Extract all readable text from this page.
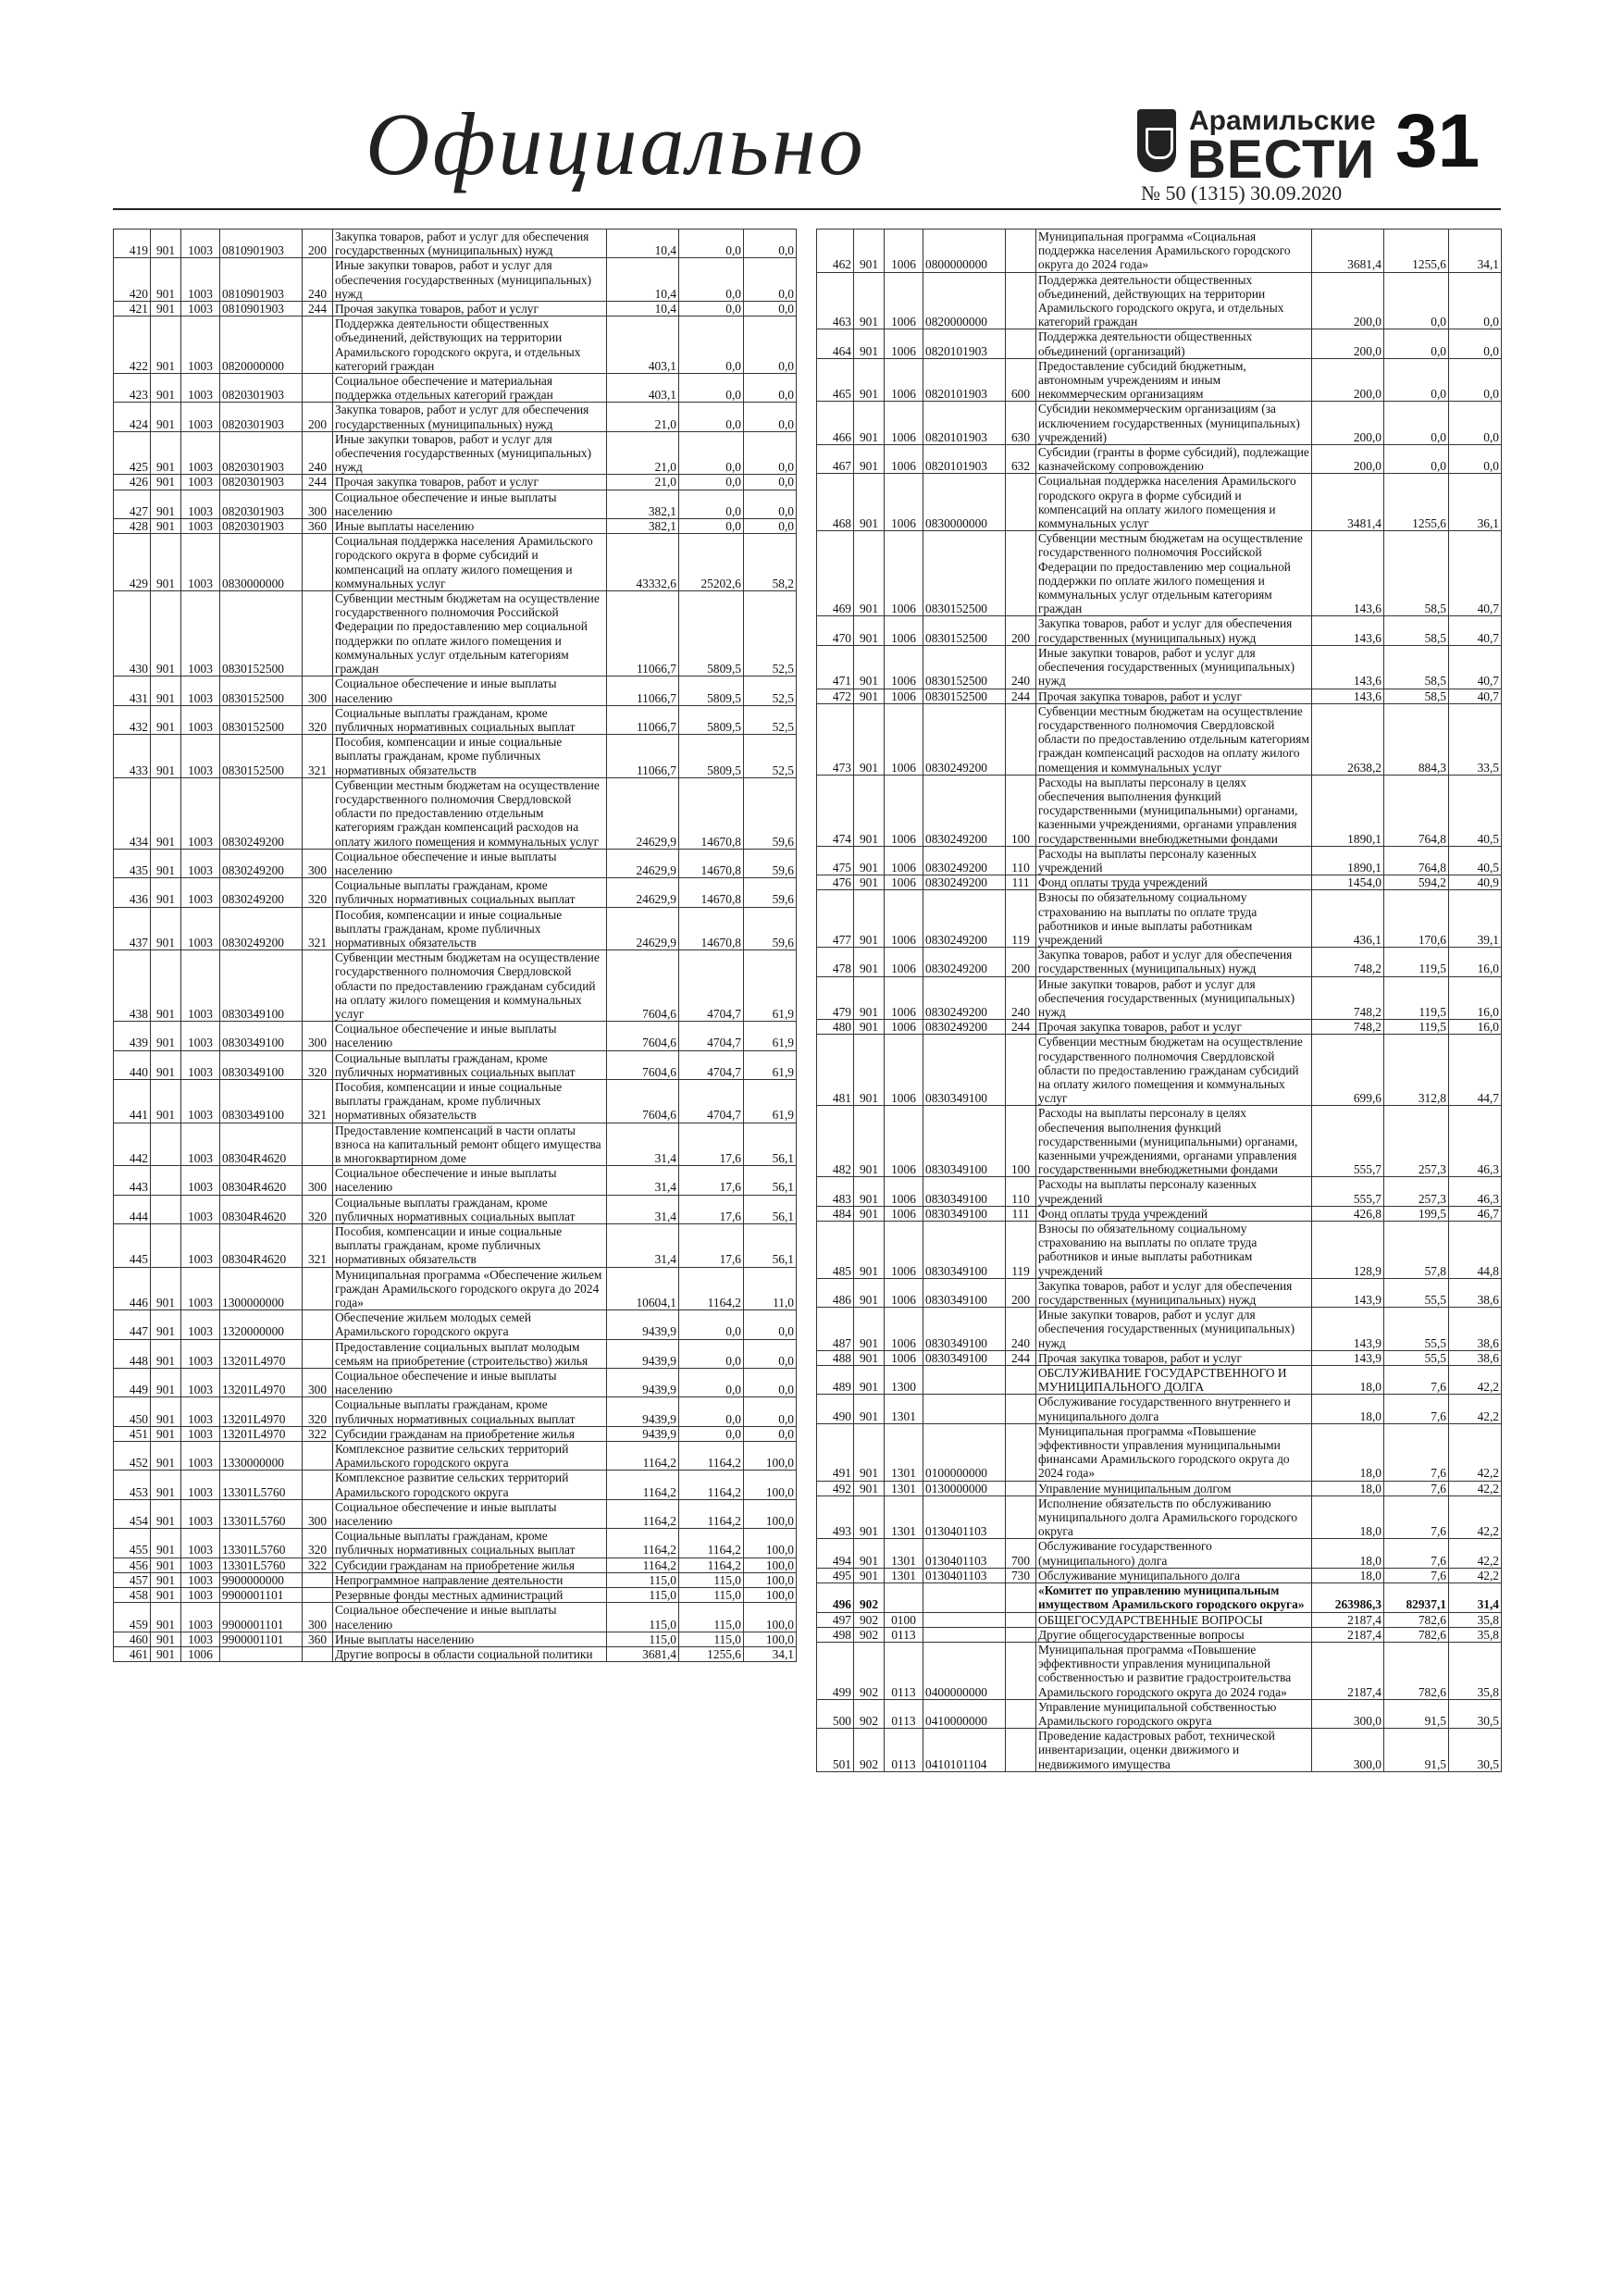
Официально	Арамильские
ВЕСТИ
№ 50 (1315) 30.09.2020
31
419	901	1003	0810901903	200	Закупка товаров, работ и услуг для обеспечения государственных (муниципальных) нужд	10,4	0,0	0,0
420	901	1003	0810901903	240	Иные закупки товаров, работ и услуг для обеспечения государственных (муниципальных) нужд	10,4	0,0	0,0
421	901	1003	0810901903	244	Прочая закупка товаров, работ и услуг	10,4	0,0	0,0
422	901	1003	0820000000		Поддержка деятельности общественных объединений, действующих на территории Арамильского городского округа, и отдельных категорий граждан	403,1	0,0	0,0
423	901	1003	0820301903		Социальное обеспечение и материальная поддержка отдельных категорий граждан	403,1	0,0	0,0
424	901	1003	0820301903	200	Закупка товаров, работ и услуг для обеспечения государственных (муниципальных) нужд	21,0	0,0	0,0
425	901	1003	0820301903	240	Иные закупки товаров, работ и услуг для обеспечения государственных (муниципальных) нужд	21,0	0,0	0,0
426	901	1003	0820301903	244	Прочая закупка товаров, работ и услуг	21,0	0,0	0,0
427	901	1003	0820301903	300	Социальное обеспечение и иные выплаты населению	382,1	0,0	0,0
428	901	1003	0820301903	360	Иные выплаты населению	382,1	0,0	0,0
429	901	1003	0830000000		Социальная поддержка населения Арамильского городского округа в форме субсидий и компенсаций на оплату жилого помещения и коммунальных услуг	43332,6	25202,6	58,2
430	901	1003	0830152500		Субвенции местным бюджетам на осуществление государственного полномочия Российской Федерации по предоставлению мер социальной поддержки по оплате жилого помещения и коммунальных услуг отдельным категориям граждан	11066,7	5809,5	52,5
431	901	1003	0830152500	300	Социальное обеспечение и иные выплаты населению	11066,7	5809,5	52,5
432	901	1003	0830152500	320	Социальные выплаты гражданам, кроме публичных нормативных социальных выплат	11066,7	5809,5	52,5
433	901	1003	0830152500	321	Пособия, компенсации и иные социальные выплаты гражданам, кроме публичных нормативных обязательств	11066,7	5809,5	52,5
434	901	1003	0830249200		Субвенции местным бюджетам на осуществление государственного полномочия Свердловской области по предоставлению отдельным категориям граждан компенсаций расходов на оплату жилого помещения и коммунальных услуг	24629,9	14670,8	59,6
435	901	1003	0830249200	300	Социальное обеспечение и иные выплаты населению	24629,9	14670,8	59,6
436	901	1003	0830249200	320	Социальные выплаты гражданам, кроме публичных нормативных социальных выплат	24629,9	14670,8	59,6
437	901	1003	0830249200	321	Пособия, компенсации и иные социальные выплаты гражданам, кроме публичных нормативных обязательств	24629,9	14670,8	59,6
438	901	1003	0830349100		Субвенции местным бюджетам на осуществление государственного полномочия Свердловской области по предоставлению гражданам субсидий на оплату жилого помещения и коммунальных услуг	7604,6	4704,7	61,9
439	901	1003	0830349100	300	Социальное обеспечение и иные выплаты населению	7604,6	4704,7	61,9
440	901	1003	0830349100	320	Социальные выплаты гражданам, кроме публичных нормативных социальных выплат	7604,6	4704,7	61,9
441	901	1003	0830349100	321	Пособия, компенсации и иные социальные выплаты гражданам, кроме публичных нормативных обязательств	7604,6	4704,7	61,9
442		1003	08304R4620		Предоставление компенсаций в части оплаты взноса на капитальный ремонт общего имущества в многоквартирном доме	31,4	17,6	56,1
443		1003	08304R4620	300	Социальное обеспечение и иные выплаты населению	31,4	17,6	56,1
444		1003	08304R4620	320	Социальные выплаты гражданам, кроме публичных нормативных социальных выплат	31,4	17,6	56,1
445		1003	08304R4620	321	Пособия, компенсации и иные социальные выплаты гражданам, кроме публичных нормативных обязательств	31,4	17,6	56,1
446	901	1003	1300000000		Муниципальная программа «Обеспечение жильем граждан Арамильского городского округа до 2024 года»	10604,1	1164,2	11,0
447	901	1003	1320000000		Обеспечение жильем молодых семей Арамильского городского округа	9439,9	0,0	0,0
448	901	1003	13201L4970		Предоставление социальных выплат молодым семьям на приобретение (строительство) жилья	9439,9	0,0	0,0
449	901	1003	13201L4970	300	Социальное обеспечение и иные выплаты населению	9439,9	0,0	0,0
450	901	1003	13201L4970	320	Социальные выплаты гражданам, кроме публичных нормативных социальных выплат	9439,9	0,0	0,0
451	901	1003	13201L4970	322	Субсидии гражданам на приобретение жилья	9439,9	0,0	0,0
452	901	1003	1330000000		Комплексное развитие сельских территорий Арамильского городского округа	1164,2	1164,2	100,0
453	901	1003	13301L5760		Комплексное развитие сельских территорий Арамильского городского округа	1164,2	1164,2	100,0
454	901	1003	13301L5760	300	Социальное обеспечение и иные выплаты населению	1164,2	1164,2	100,0
455	901	1003	13301L5760	320	Социальные выплаты гражданам, кроме публичных нормативных социальных выплат	1164,2	1164,2	100,0
456	901	1003	13301L5760	322	Субсидии гражданам на приобретение жилья	1164,2	1164,2	100,0
457	901	1003	9900000000		Непрограммное направление деятельности	115,0	115,0	100,0
458	901	1003	9900001101		Резервные фонды местных администраций	115,0	115,0	100,0
459	901	1003	9900001101	300	Социальное обеспечение и иные выплаты населению	115,0	115,0	100,0
460	901	1003	9900001101	360	Иные выплаты населению	115,0	115,0	100,0
461	901	1006			Другие вопросы в области социальной политики	3681,4	1255,6	34,1
462	901	1006	0800000000		Муниципальная программа «Социальная поддержка населения Арамильского городского округа до 2024 года»	3681,4	1255,6	34,1
463	901	1006	0820000000		Поддержка деятельности общественных объединений, действующих на территории Арамильского городского округа, и отдельных категорий граждан	200,0	0,0	0,0
464	901	1006	0820101903		Поддержка деятельности общественных объединений (организаций)	200,0	0,0	0,0
465	901	1006	0820101903	600	Предоставление субсидий бюджетным, автономным учреждениям и иным некоммерческим организациям	200,0	0,0	0,0
466	901	1006	0820101903	630	Субсидии некоммерческим организациям (за исключением государственных (муниципальных) учреждений)	200,0	0,0	0,0
467	901	1006	0820101903	632	Субсидии (гранты в форме субсидий), подлежащие казначейскому сопровождению	200,0	0,0	0,0
468	901	1006	0830000000		Социальная поддержка населения Арамильского городского округа в форме субсидий и компенсаций на оплату жилого помещения и коммунальных услуг	3481,4	1255,6	36,1
469	901	1006	0830152500		Субвенции местным бюджетам на осуществление государственного полномочия Российской Федерации по предоставлению мер социальной поддержки по оплате жилого помещения и коммунальных услуг отдельным категориям граждан	143,6	58,5	40,7
470	901	1006	0830152500	200	Закупка товаров, работ и услуг для обеспечения государственных (муниципальных) нужд	143,6	58,5	40,7
471	901	1006	0830152500	240	Иные закупки товаров, работ и услуг для обеспечения государственных (муниципальных) нужд	143,6	58,5	40,7
472	901	1006	0830152500	244	Прочая закупка товаров, работ и услуг	143,6	58,5	40,7
473	901	1006	0830249200		Субвенции местным бюджетам на осуществление государственного полномочия Свердловской области по предоставлению отдельным категориям граждан компенсаций расходов на оплату жилого помещения и коммунальных услуг	2638,2	884,3	33,5
474	901	1006	0830249200	100	Расходы на выплаты персоналу в целях обеспечения выполнения функций государственными (муниципальными) органами, казенными учреждениями, органами управления государственными внебюджетными фондами	1890,1	764,8	40,5
475	901	1006	0830249200	110	Расходы на выплаты персоналу казенных учреждений	1890,1	764,8	40,5
476	901	1006	0830249200	111	Фонд оплаты труда учреждений	1454,0	594,2	40,9
477	901	1006	0830249200	119	Взносы по обязательному социальному страхованию на выплаты по оплате труда работников и иные выплаты работникам учреждений	436,1	170,6	39,1
478	901	1006	0830249200	200	Закупка товаров, работ и услуг для обеспечения государственных (муниципальных) нужд	748,2	119,5	16,0
479	901	1006	0830249200	240	Иные закупки товаров, работ и услуг для обеспечения государственных (муниципальных) нужд	748,2	119,5	16,0
480	901	1006	0830249200	244	Прочая закупка товаров, работ и услуг	748,2	119,5	16,0
481	901	1006	0830349100		Субвенции местным бюджетам на осуществление государственного полномочия Свердловской области по предоставлению гражданам субсидий на оплату жилого помещения и коммунальных услуг	699,6	312,8	44,7
482	901	1006	0830349100	100	Расходы на выплаты персоналу в целях обеспечения выполнения функций государственными (муниципальными) органами, казенными учреждениями, органами управления государственными внебюджетными фондами	555,7	257,3	46,3
483	901	1006	0830349100	110	Расходы на выплаты персоналу казенных учреждений	555,7	257,3	46,3
484	901	1006	0830349100	111	Фонд оплаты труда учреждений	426,8	199,5	46,7
485	901	1006	0830349100	119	Взносы по обязательному социальному страхованию на выплаты по оплате труда работников и иные выплаты работникам учреждений	128,9	57,8	44,8
486	901	1006	0830349100	200	Закупка товаров, работ и услуг для обеспечения государственных (муниципальных) нужд	143,9	55,5	38,6
487	901	1006	0830349100	240	Иные закупки товаров, работ и услуг для обеспечения государственных (муниципальных) нужд	143,9	55,5	38,6
488	901	1006	0830349100	244	Прочая закупка товаров, работ и услуг	143,9	55,5	38,6
489	901	1300			ОБСЛУЖИВАНИЕ ГОСУДАРСТВЕННОГО И МУНИЦИПАЛЬНОГО ДОЛГА	18,0	7,6	42,2
490	901	1301			Обслуживание государственного внутреннего и муниципального долга	18,0	7,6	42,2
491	901	1301	0100000000		Муниципальная программа «Повышение эффективности управления муниципальными финансами Арамильского городского округа до 2024 года»	18,0	7,6	42,2
492	901	1301	0130000000		Управление муниципальным долгом	18,0	7,6	42,2
493	901	1301	0130401103		Исполнение обязательств по обслуживанию муниципального долга Арамильского городского округа	18,0	7,6	42,2
494	901	1301	0130401103	700	Обслуживание государственного (муниципального) долга	18,0	7,6	42,2
495	901	1301	0130401103	730	Обслуживание муниципального долга	18,0	7,6	42,2
496	902				«Комитет по управлению муниципальным имуществом Арамильского городского округа»	263986,3	82937,1	31,4
497	902	0100			ОБЩЕГОСУДАРСТВЕННЫЕ ВОПРОСЫ	2187,4	782,6	35,8
498	902	0113			Другие общегосударственные вопросы	2187,4	782,6	35,8
499	902	0113	0400000000		Муниципальная программа «Повышение эффективности управления муниципальной собственностью и развитие градостроительства Арамильского городского округа до 2024 года»	2187,4	782,6	35,8
500	902	0113	0410000000		Управление муниципальной собственностью Арамильского городского округа	300,0	91,5	30,5
501	902	0113	0410101104		Проведение кадастровых работ, технической инвентаризации, оценки движимого и недвижимого имущества	300,0	91,5	30,5
